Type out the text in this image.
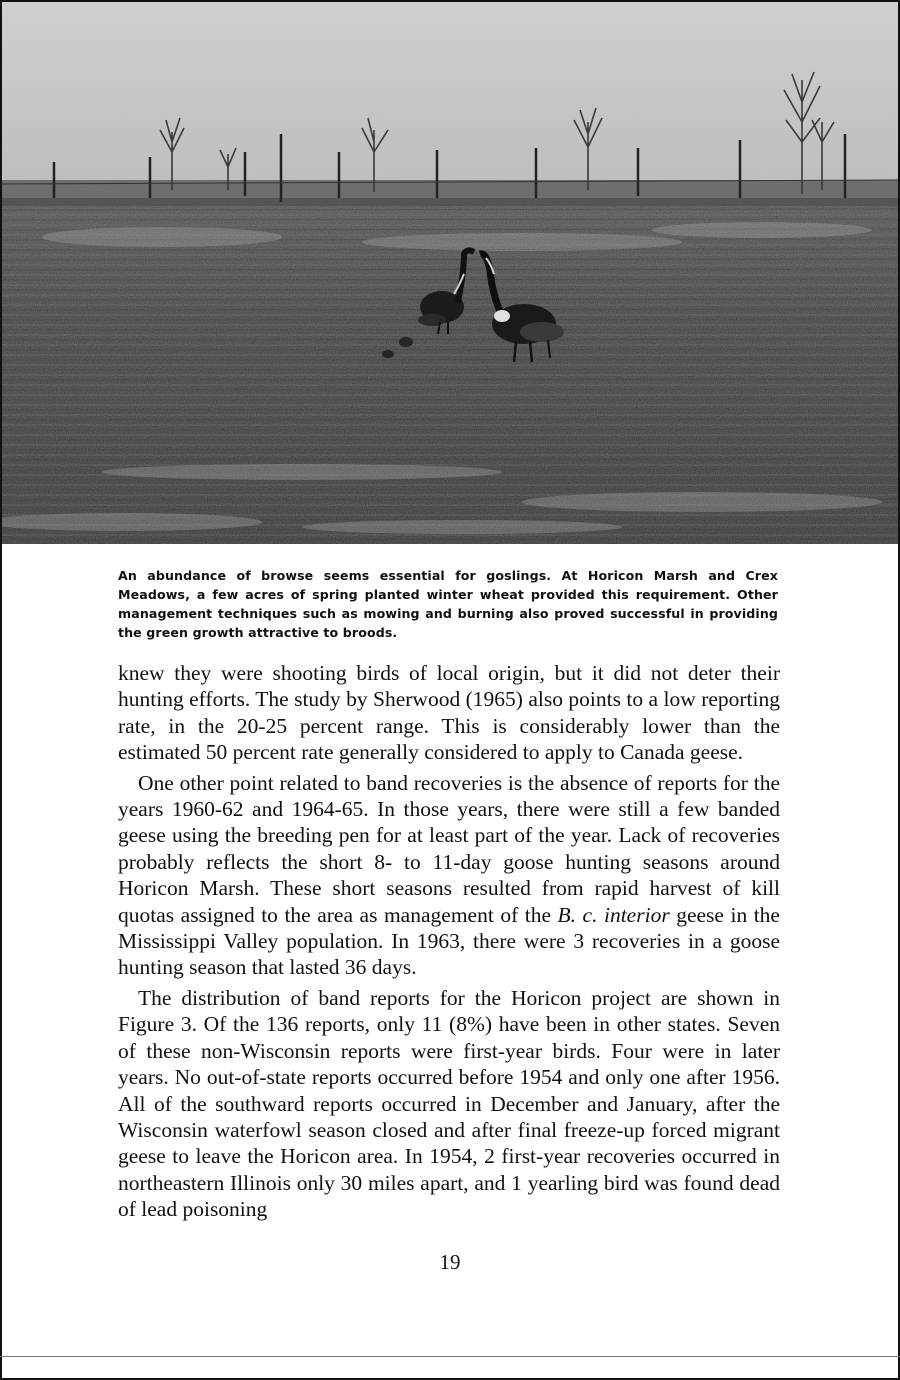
An abundance of browse seems essential for goslings. At Horicon Marsh and Crex Meadows, a few acres of spring planted winter wheat provided this requirement. Other management techniques such as mowing and burning also proved successful in providing the green growth attractive to broods.

knew they were shooting birds of local origin, but it did not deter their hunting efforts. The study by Sherwood (1965) also points to a low reporting rate, in the 20-25 percent range. This is considerably lower than the estimated 50 percent rate generally considered to apply to Canada geese.

One other point related to band recoveries is the absence of reports for the years 1960-62 and 1964-65. In those years, there were still a few banded geese using the breeding pen for at least part of the year. Lack of recoveries probably reflects the short 8- to 11-day goose hunting seasons around Horicon Marsh. These short seasons resulted from rapid harvest of kill quotas assigned to the area as management of the B. c. interior geese in the Mississippi Valley population. In 1963, there were 3 recoveries in a goose hunting season that lasted 36 days.

The distribution of band reports for the Horicon project are shown in Figure 3. Of the 136 reports, only 11 (8%) have been in other states. Seven of these non-Wisconsin reports were first-year birds. Four were in later years. No out-of-state reports occurred before 1954 and only one after 1956. All of the southward reports occurred in December and January, after the Wisconsin waterfowl season closed and after final freeze-up forced migrant geese to leave the Horicon area. In 1954, 2 first-year recoveries occurred in northeastern Illinois only 30 miles apart, and 1 yearling bird was found dead of lead poisoning

19
